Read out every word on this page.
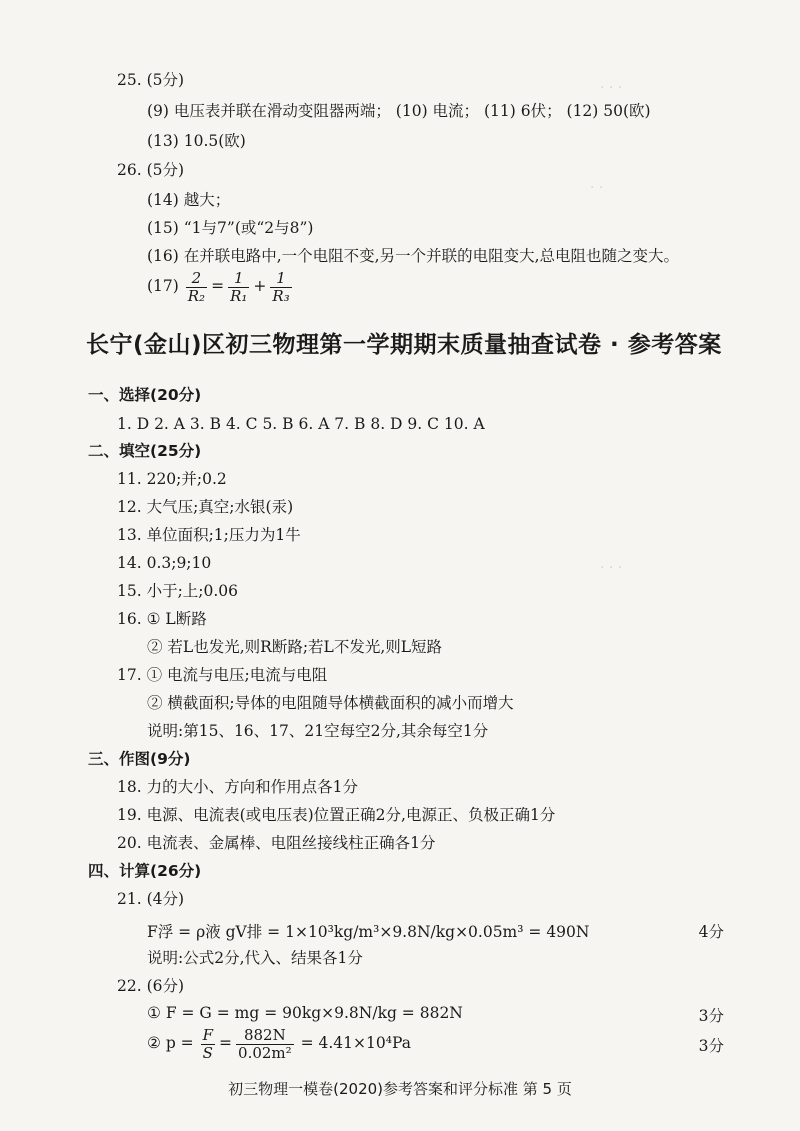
· · ·
· ·
· · ·
25. (5分)
(9) 电压表并联在滑动变阻器两端； (10) 电流； (11) 6伏； (12) 50(欧)
(13) 10.5(欧)
26. (5分)
(14) 越大；
(15) “1与7”(或“2与8”)
(16) 在并联电路中,一个电阻不变,另一个并联的电阻变大,总电阻也随之变大。
$(17) \frac{2}{\text{R₂}} = \frac{1}{\text{R₁}} + \frac{1}{\text{R₃}}$
长宁(金山)区初三物理第一学期期末质量抽查试卷 · 参考答案
一、选择(20分)
1. D 2. A 3. B 4. C 5. B 6. A 7. B 8. D 9. C 10. A
二、填空(25分)
11. 220;并;0.2
12. 大气压;真空;水银(汞)
13. 单位面积;1;压力为1牛
14. 0.3;9;10
15. 小于;上;0.06
16. ① L断路
② 若L也发光,则R断路;若L不发光,则L短路
17. ① 电流与电压;电流与电阻
② 横截面积;导体的电阻随导体横截面积的减小而增大
说明:第15、16、17、21空每空2分,其余每空1分
三、作图(9分)
18. 力的大小、方向和作用点各1分
19. 电源、电流表(或电压表)位置正确2分,电源正、负极正确1分
20. 电流表、金属棒、电阻丝接线柱正确各1分
四、计算(26分)
21. (4分)
F浮 = ρ液 gV排 = 1×10³kg/m³×9.8N/kg×0.05m³ = 490N	4分
说明:公式2分,代入、结果各1分
22. (6分)
① F = G = mg = 90kg×9.8N/kg = 882N	3分
② $p = \frac{F}{S} = \frac{882N}{\text{0.02m²}} = 4.41\times 10^4Pa$	3分
初三物理一模卷(2020)参考答案和评分标准 第 5 页
